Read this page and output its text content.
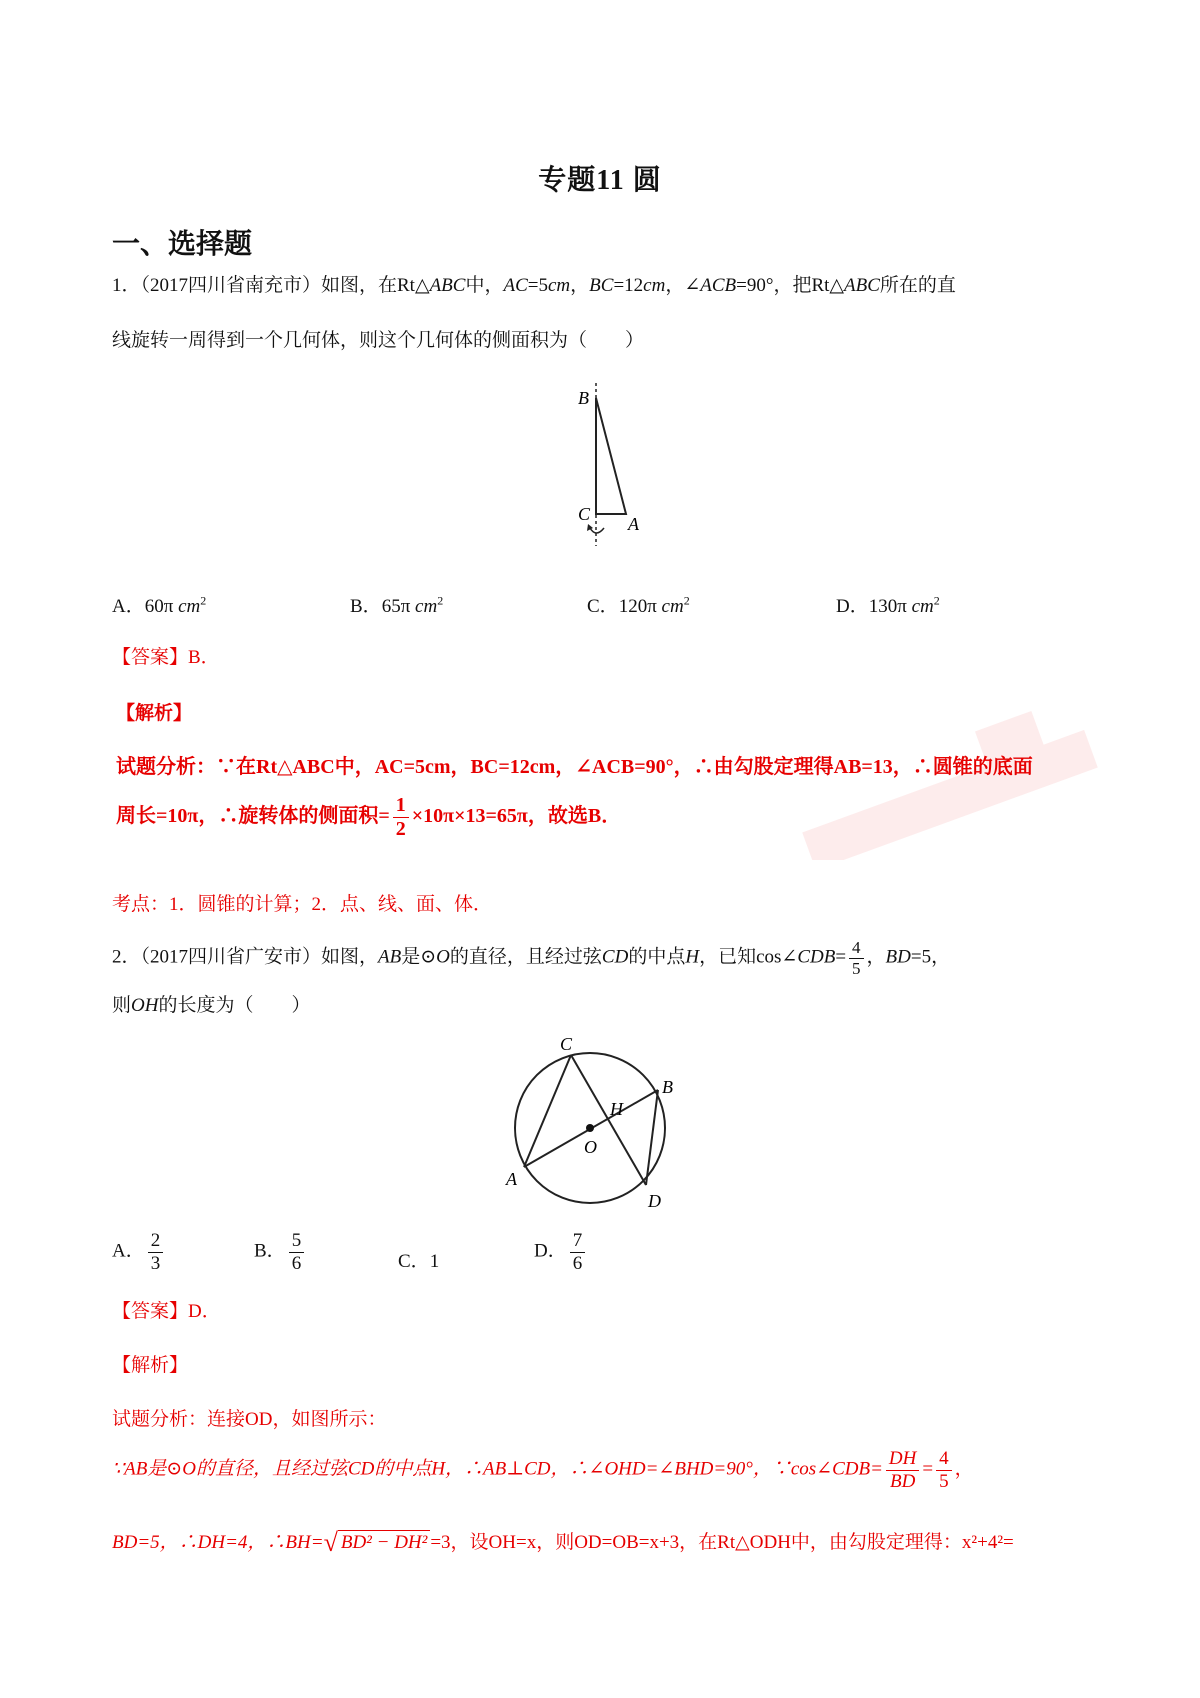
专题11 圆
一、选择题
1．（2017四川省南充市）如图，在Rt△ABC中，AC=5cm，BC=12cm，∠ACB=90°，把Rt△ABC所在的直
线旋转一周得到一个几何体，则这个几何体的侧面积为（　　）
B
C A
A．60π $cm^2$	B．65π $cm^2$	C．120π $cm^2$	D．130π $cm^2$
【答案】B．
【解析】
试题分析：∵在Rt△ABC中，AC=5cm，BC=12cm，∠ACB=90°，∴由勾股定理得AB=13，∴圆锥的底面
周长=10π，∴旋转体的侧面积= $\frac{1}{2} \times 10\pi\times 13=65\pi$，故选B．
考点：1．圆锥的计算；2．点、线、面、体．
2．（2017四川省广安市）如图，AB是⊙O的直径，且经过弦CD的中点H，已知cos∠CDB= $\frac{4}{5}$ ，BD=5，
则OH的长度为（　　）
C
B
H
O
A
D
A． $\frac{2}{3}$	B． $\frac{5}{6}$	C．1	D． $\frac{7}{6}$
【答案】D．
【解析】
试题分析：连接OD，如图所示：
∵AB是⊙O的直径，且经过弦CD的中点H，∴AB⊥CD，∴∠OHD=∠BHD=90°，∵cos∠CDB= $\frac{DH}{BD} = \frac{4}{5}$ ，
BD=5，∴DH=4，∴BH=√ BD² − DH² =3，设OH=x，则OD=OB=x+3，在Rt△ODH中，由勾股定理得：x²+4²=
